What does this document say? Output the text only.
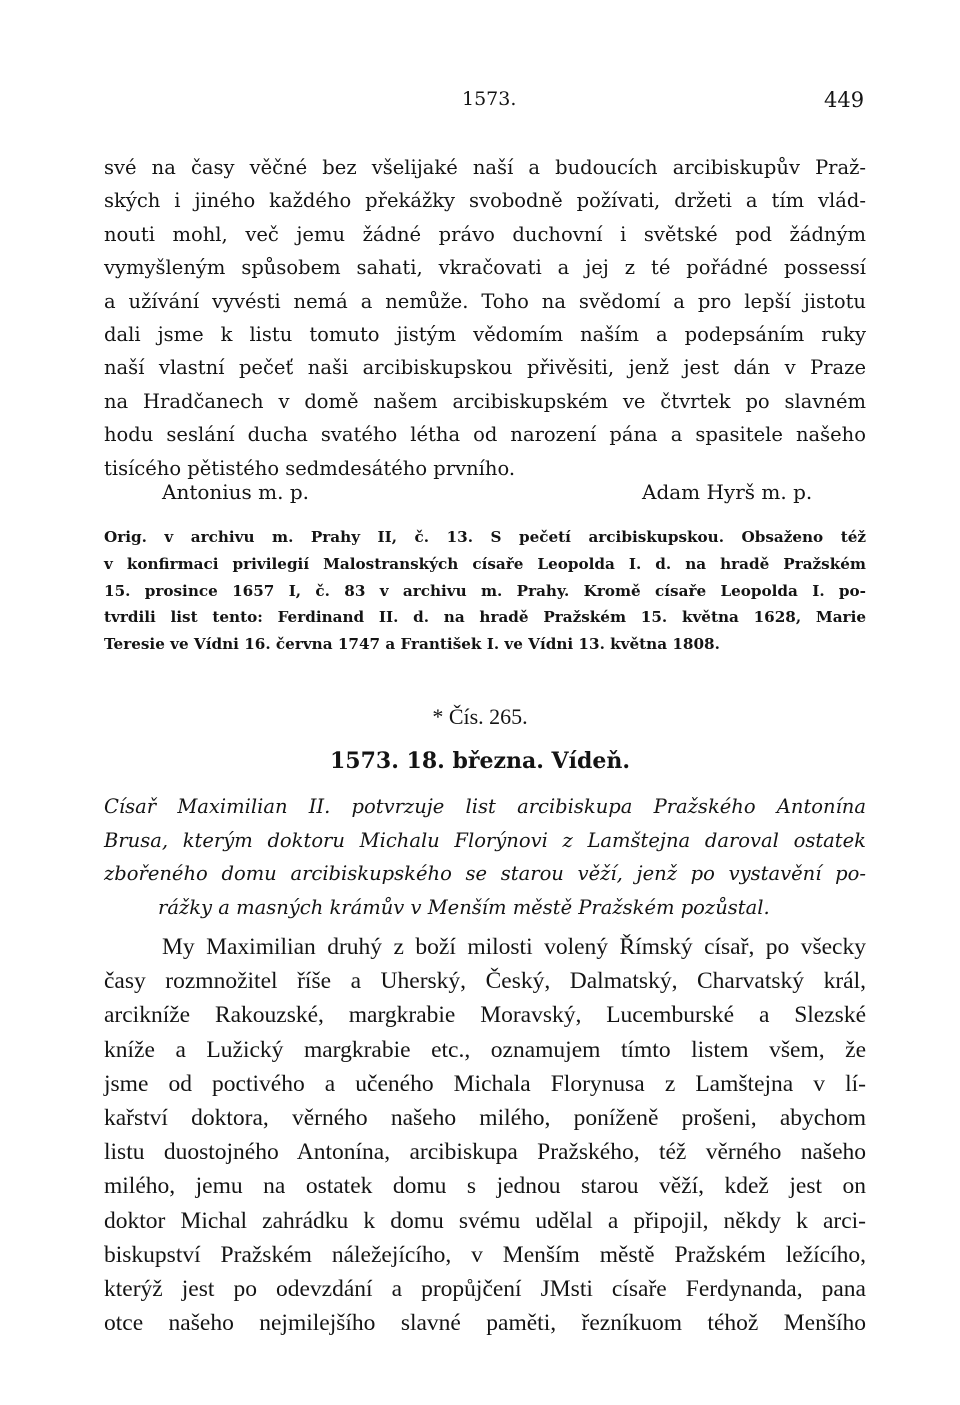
1573.	449
své na časy věčné bez všelijaké naší a budoucích arcibiskupův Praž-
ských i jiného každého překážky svobodně požívati, držeti a tím vlád-
nouti mohl, več jemu žádné právo duchovní i světské pod žádným
vymyšleným spůsobem sahati, vkračovati a jej z té pořádné possessí
a užívání vyvésti nemá a nemůže. Toho na svědomí a pro lepší jistotu
dali jsme k listu tomuto jistým vědomím naším a podepsáním ruky
naší vlastní pečeť naši arcibiskupskou přivěsiti, jenž jest dán v Praze
na Hradčanech v domě našem arcibiskupském ve čtvrtek po slavném
hodu seslání ducha svatého létha od narození pána a spasitele našeho
tisícého pětistého sedmdesátého prvního.
Antonius m. p.	Adam Hyrš m. p.
Orig. v archivu m. Prahy II, č. 13. S pečetí arcibiskupskou. Obsaženo též
v konfirmaci privilegií Malostranských císaře Leopolda I. d. na hradě Pražském
15. prosince 1657 I, č. 83 v archivu m. Prahy. Kromě císaře Leopolda I. po-
tvrdili list tento: Ferdinand II. d. na hradě Pražském 15. května 1628, Marie
Teresie ve Vídni 16. června 1747 a František I. ve Vídni 13. května 1808.
* Čís. 265.
1573. 18. března. Vídeň.
Císař Maximilian II. potvrzuje list arcibiskupa Pražského Antonína
Brusa, kterým doktoru Michalu Florýnovi z Lamštejna daroval ostatek
zbořeného domu arcibiskupského se starou věží, jenž po vystavění po-
rážky a masných krámův v Menším městě Pražském pozůstal.
My Maximilian druhý z boží milosti volený Římský císař, po všecky
časy rozmnožitel říše a Uherský, Český, Dalmatský, Charvatský král,
arcikníže Rakouzské, margkrabie Moravský, Lucemburské a Slezské
kníže a Lužický margkrabie etc., oznamujem tímto listem všem, že
jsme od poctivého a učeného Michala Florynusa z Lamštejna v lí-
kařství doktora, věrného našeho milého, poníženě prošeni, abychom
listu duostojného Antonína, arcibiskupa Pražského, též věrného našeho
milého, jemu na ostatek domu s jednou starou věží, kdež jest on
doktor Michal zahrádku k domu svému udělal a připojil, někdy k arci-
biskupství Pražském náležejícího, v Menším městě Pražském ležícího,
kterýž jest po odevzdání a propůjčení JMsti císaře Ferdynanda, pana
otce našeho nejmilejšího slavné paměti, řezníkuom téhož Menšího
